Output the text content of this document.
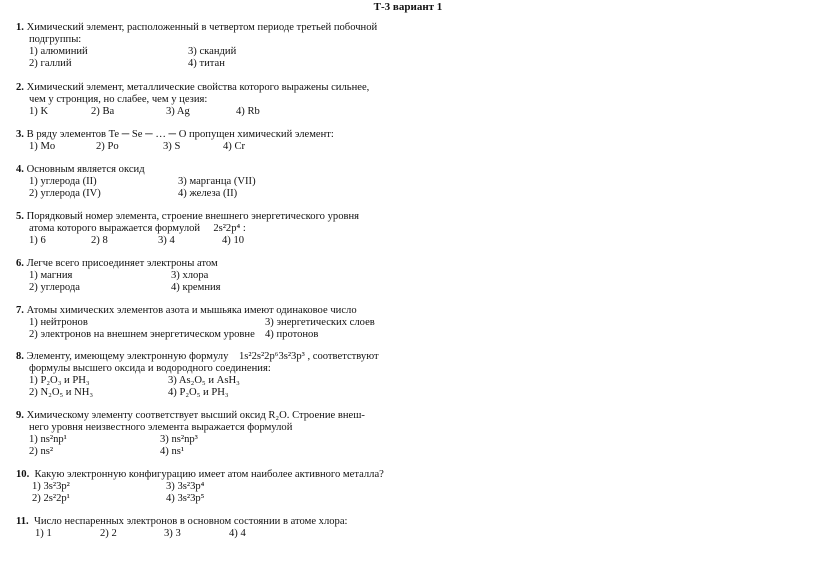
Т-3 вариант 1
1. Химический элемент, расположенный в четвертом периоде третьей побочной
подгруппы:
1) алюминий	3) скандий
2) галлий	4) титан
2. Химический элемент, металлические свойства которого выражены сильнее,
чем у стронция, но слабее, чем у цезия:
1) K	2) Ba	3) Ag	4) Rb
3. В ряду элементов Te ─ Se ─ … ─ O пропущен химический элемент:
1) Mo	2) Po	3) S	4) Cr
4. Основным является оксид
1) углерода (II)	3) марганца (VII)
2) углерода (IV)	4) железа (II)
5. Порядковый номер элемента, строение внешнего энергетического уровня
атома которого выражается формулой 2s²2p⁴ :
1) 6	2) 8	3) 4	4) 10
6. Легче всего присоединяет электроны атом
1) магния	3) хлора
2) углерода	4) кремния
7. Атомы химических элементов азота и мышьяка имеют одинаковое число
1) нейтронов	3) энергетических слоев
2) электронов на внешнем энергетическом уровне 4) протонов
8. Элементу, имеющему электронную формулу 1s²2s²2p⁶3s²3p³ , соответствуют
формулы высшего оксида и водородного соединения:
1) P₂O₃ и PH₃	3) As₂O₅ и AsH₃
2) N₂O₅ и NH₃	4) P₂O₅ и PH₃
9. Химическому элементу соответствует высший оксид R₂O. Строение внеш-
него уровня неизвестного элемента выражается формулой
1) ns²np¹	3) ns²np³
2) ns²	4) ns¹
10. Какую электронную конфигурацию имеет атом наиболее активного металла?
1) 3s²3p²	3) 3s²3p⁴
2) 2s²2p¹	4) 3s²3p⁵
11. Число неспаренных электронов в основном состоянии в атоме хлора:
1) 1	2) 2	3) 3	4) 4
